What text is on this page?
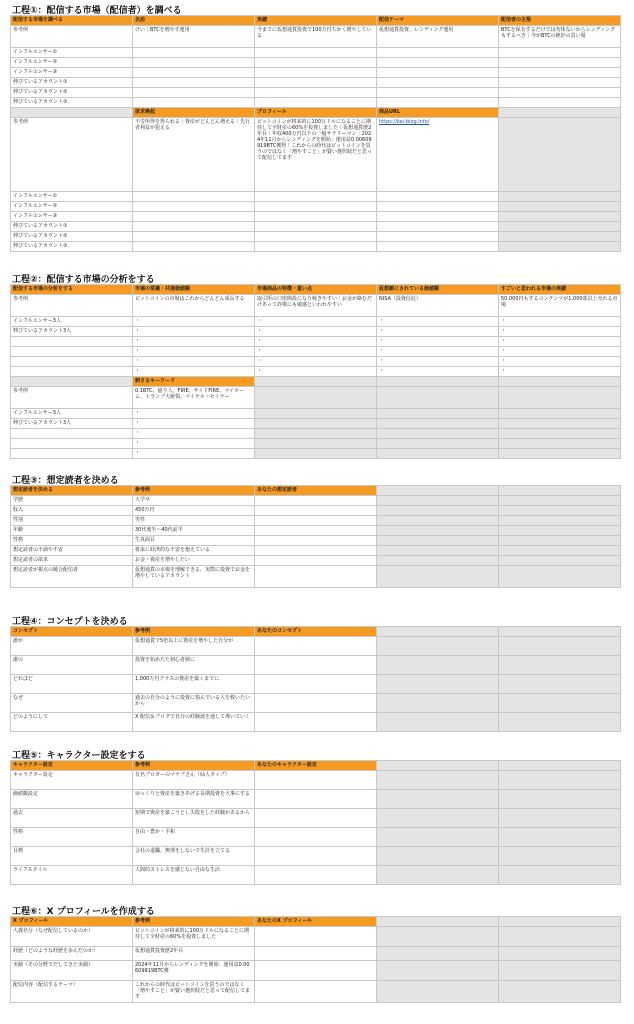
工程①：配信する市場（配信者）を調べる
配信する市場を調べる	名前	実績	配信テーマ	配信者の主張
参考例	けい｜BTCを増やす運用	今までに仮想通貨投資で100万円ちかく増やしている	仮想通貨投資、レンディング運用	BTCを保有するだけでは勿体ないからレンディングもするべき｜今がBTCの絶好の買い場
インフルエンサー①				
インフルエンサー②				
インフルエンサー③				
伸びているアカウント①				
伸びているアカウント②				
伸びているアカウント③				
	欲求喚起	プロフィール	商品URL	
参考例	不労所得を得られる｜資産がどんどん増える｜先行者利益が狙える	ビットコインが将来的に100万ドルになることに期待して全財産の60%を投資しました｜仮想通貨歴2年目｜年収400万円以下の一般サラリーマン｜2024年11月からレンディングを開始：運用益0.00609919BTC獲得｜これからの時代はビットコインを買うのではなく「増やすこと」が賢い選択肢だと思って配信してます	https://kei-blog.info/	
インフルエンサー①				
インフルエンサー②				
インフルエンサー③				
伸びているアカウント①				
伸びているアカウント②				
伸びているアカウント③				
工程②：配信する市場の分析をする
配信する市場の分析をする	市場の常識・共通価値観	市場商品の特徴・重い点	仮想敵にされている価値観	すごいと思われる市場の実績
参考例	ビットコインの市場はこれからどんどん成長する	取引所の口座開設になり稼ぎやすい｜お金が絡むだけあって詐欺にも敏感といわれやすい	NISA（投資信託）	50,000円もするコンテンツが1,000部以上売れる市場
インフルエンサー3人	・	・	・	・
伸びているアカウント3人	・	・	・	・
	・	・	・	・
	・	・	・	・
	・	・	・	・
	・	・	・	・
	刺さるキーワード			
参考例	0.1BTC、億り人、FIRE、サイドFIRE、マイホーム、トランプ大統領、マイケル・セイラー			
インフルエンサー3人	・			
伸びているアカウント3人	・			
	・			
	・			
	・			
工程③：想定読者を決める
想定読者を決める	参考例	あなたの想定読者		
学歴	大学卒			
収入	450万円			
性別	男性			
年齢	30代後半〜40代前半			
性格	生真面目			
想定読者の不満や不安	将来に経済的な不安を抱えている			
想定読者の欲求	お金・資産を増やしたい			
想定読者が視点の競合配信者	仮想通貨の市場を理解できる、実際に投資でお金を増やしているアカウント			
工程④：コンセプトを決める
コンセプト	参考例	あなたのコンセプト		
誰が	仮想通貨で5倍以上に資産を増やした自分が			
誰の	投資を始めたた初心者層に			
どれほど	1,000万円クラスの資産を築くまでに			
なぜ	過去の自分のように投資に悩んでいる人を救いたいから			
どのようにして	X 配信＆ブログで自分の経験談を通して導いていく			
工程⑤：キャラクター設定をする
キャラクター設定	参考例	あなたのキャラクター設定		
キャラクター設定	有名ブロガーのマナブさん（仙人タイプ）			
価値観設定	ゆっくりと資産を築きあげる長期投資を大事にする			
過去	短期で資産を築こうとし失敗をした経験があるから			
性格	自由・豊か・平和			
目標	会社の退職。無理をしないで生計を立てる			
ライフスタイル	人間的ストレスを感じない自由な生活			
工程⑥：X プロフィールを作成する
X プロフィール	参考例	あなたのX プロフィール		
大義名分（なぜ配信しているのか）	ビットコインが将来的に100万ドルになることに期待して全財産の60%を投資しました			
経歴（どのような経歴を歩んだのか）	仮想通貨投資歴2年目			
実績（その分野でだしてきた実績）	2024年11月からレンディングを開始：運用益0.00609919BTC獲			
配信内容（配信するテーマ）	これからの時代はビットコインを買うのではなく「増やすこと」が賢い選択肢だと思って配信してます			
